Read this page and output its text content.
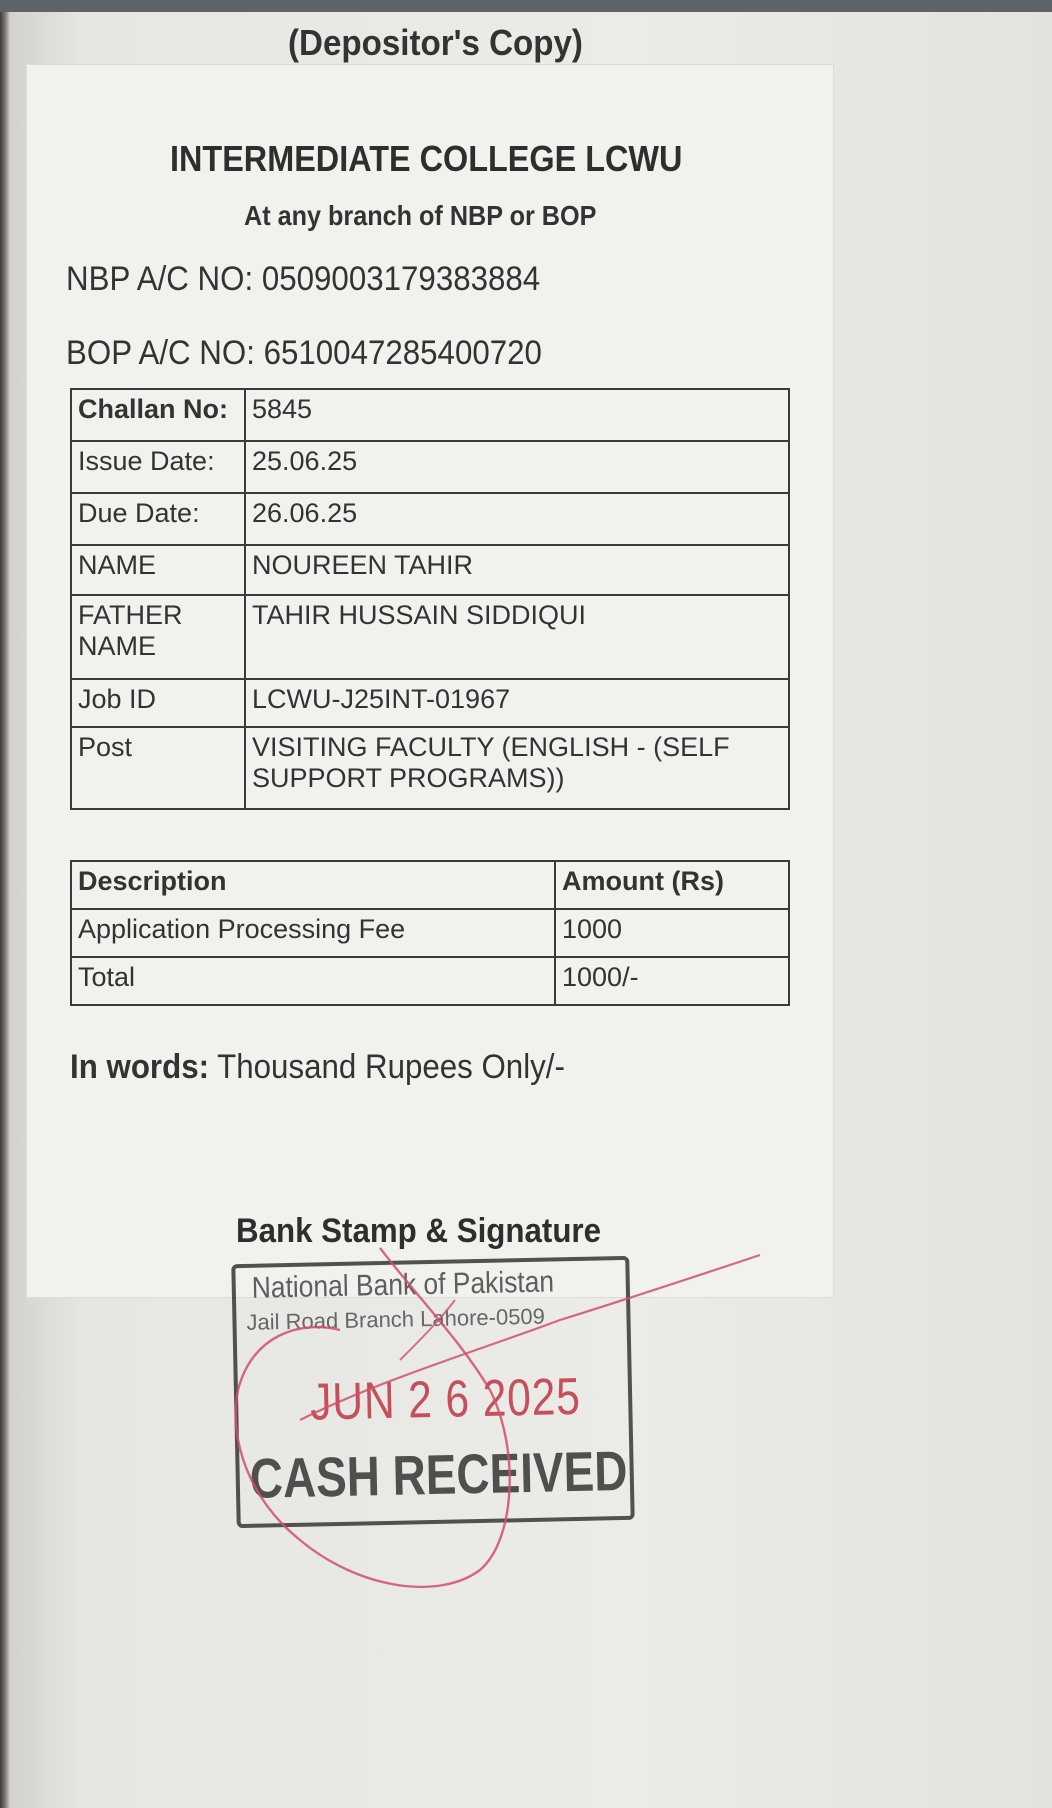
(Depositor's Copy)
INTERMEDIATE COLLEGE LCWU
At any branch of NBP or BOP
NBP A/C NO: 0509003179383884
BOP A/C NO: 6510047285400720
Challan No:	5845
Issue Date:	25.06.25
Due Date:	26.06.25
NAME	NOUREEN TAHIR
FATHER NAME	TAHIR HUSSAIN SIDDIQUI
Job ID	LCWU-J25INT-01967
Post	VISITING FACULTY (ENGLISH - (SELF SUPPORT PROGRAMS))
Description	Amount (Rs)
Application Processing Fee	1000
Total	1000/-
In words: Thousand Rupees Only/-
Bank Stamp & Signature
National Bank of Pakistan
Jail Road Branch Lahore-0509
JUN 2 6 2025
CASH RECEIVED
